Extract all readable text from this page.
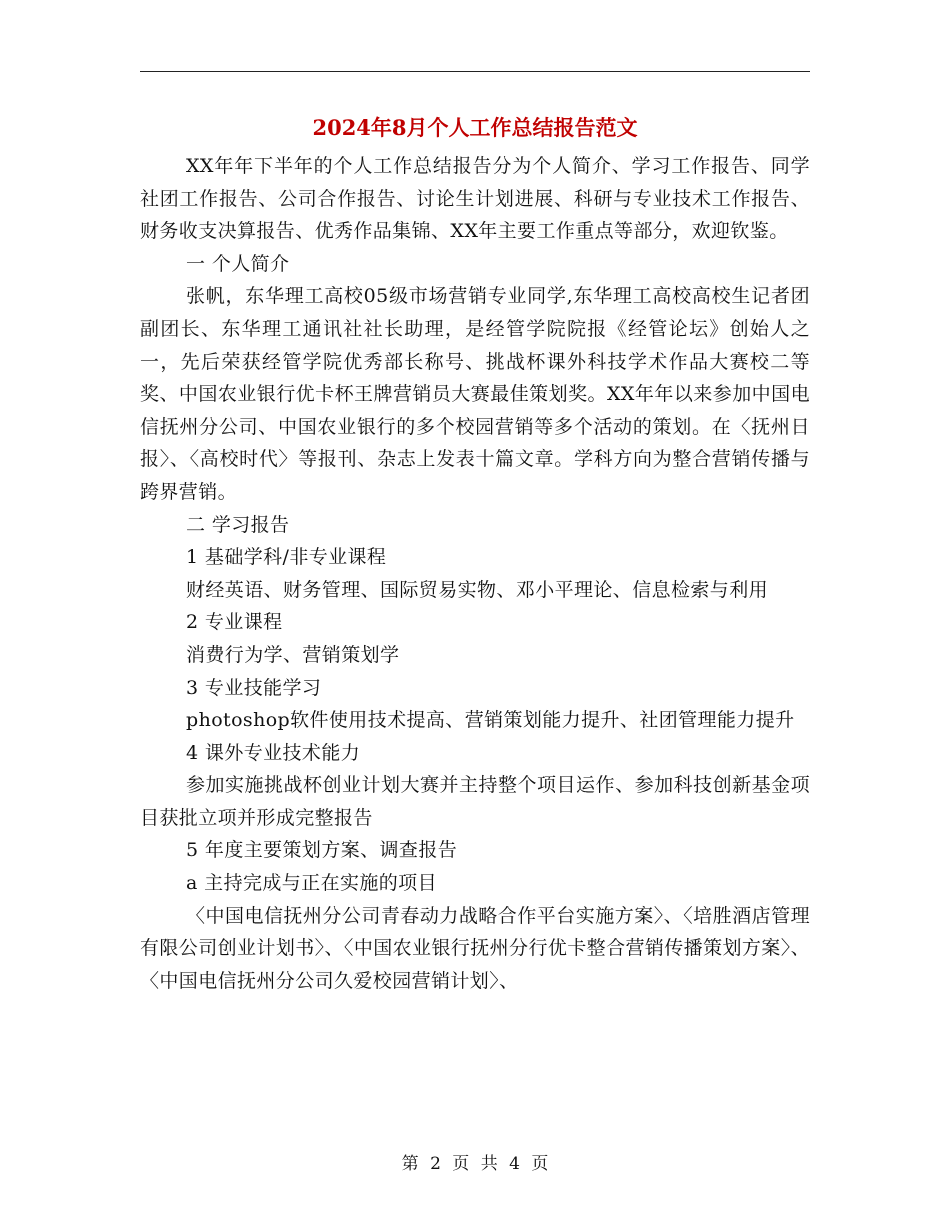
2024年8月个人工作总结报告范文

XX年年下半年的个人工作总结报告分为个人简介、学习工作报告、同学社团工作报告、公司合作报告、讨论生计划进展、科研与专业技术工作报告、财务收支决算报告、优秀作品集锦、XX年主要工作重点等部分，欢迎钦鉴。

一 个人简介

张帆，东华理工高校05级市场营销专业同学,东华理工高校高校生记者团副团长、东华理工通讯社社长助理，是经管学院院报《经管论坛》创始人之一，先后荣获经管学院优秀部长称号、挑战杯课外科技学术作品大赛校二等奖、中国农业银行优卡杯王牌营销员大赛最佳策划奖。XX年年以来参加中国电信抚州分公司、中国农业银行的多个校园营销等多个活动的策划。在〈抚州日报〉、〈高校时代〉等报刊、杂志上发表十篇文章。学科方向为整合营销传播与跨界营销。

二 学习报告

1 基础学科/非专业课程

财经英语、财务管理、国际贸易实物、邓小平理论、信息检索与利用

2 专业课程

消费行为学、营销策划学

3 专业技能学习

photoshop软件使用技术提高、营销策划能力提升、社团管理能力提升

4 课外专业技术能力

参加实施挑战杯创业计划大赛并主持整个项目运作、参加科技创新基金项目获批立项并形成完整报告

5 年度主要策划方案、调查报告

a 主持完成与正在实施的项目

〈中国电信抚州分公司青春动力战略合作平台实施方案〉、〈培胜酒店管理有限公司创业计划书〉、〈中国农业银行抚州分行优卡整合营销传播策划方案〉、〈中国电信抚州分公司久爱校园营销计划〉、

第 2 页 共 4 页
